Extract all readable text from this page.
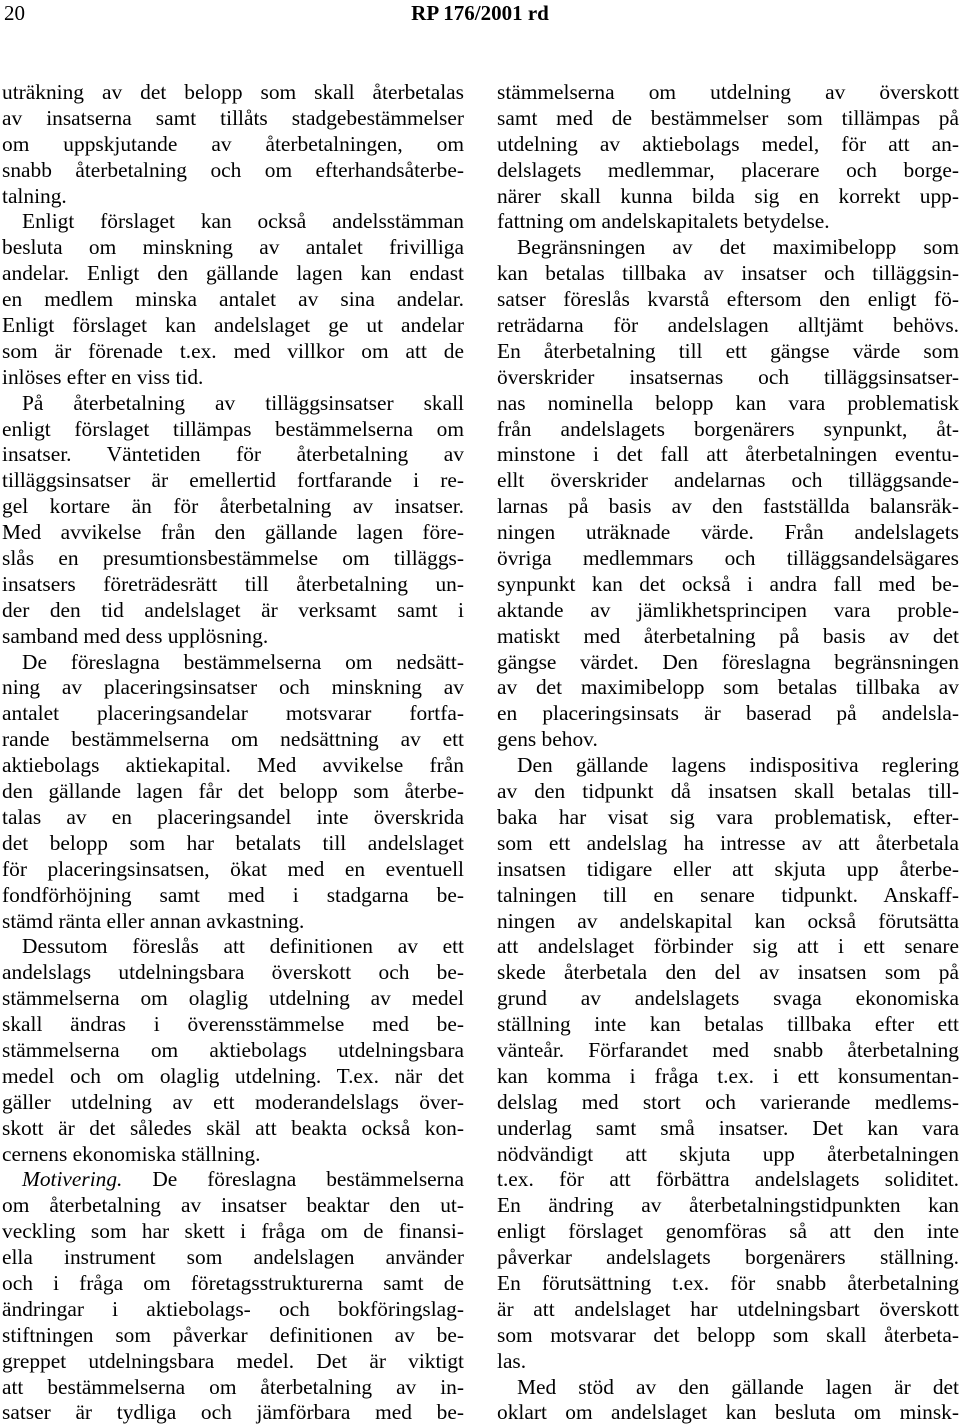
20	RP 176/2001 rd

uträkning av det belopp som skall återbetalas
av insatserna samt tillåts stadgebestämmelser
om uppskjutande av återbetalningen, om
snabb återbetalning och om efterhandsåterbe-
talning.
Enligt förslaget kan också andelsstämman
besluta om minskning av antalet frivilliga
andelar. Enligt den gällande lagen kan endast
en medlem minska antalet av sina andelar.
Enligt förslaget kan andelslaget ge ut andelar
som är förenade t.ex. med villkor om att de
inlöses efter en viss tid.
På återbetalning av tilläggsinsatser skall
enligt förslaget tillämpas bestämmelserna om
insatser. Väntetiden för återbetalning av
tilläggsinsatser är emellertid fortfarande i re-
gel kortare än för återbetalning av insatser.
Med avvikelse från den gällande lagen före-
slås en presumtionsbestämmelse om tilläggs-
insatsers företrädesrätt till återbetalning un-
der den tid andelslaget är verksamt samt i
samband med dess upplösning.
De föreslagna bestämmelserna om nedsätt-
ning av placeringsinsatser och minskning av
antalet placeringsandelar motsvarar fortfa-
rande bestämmelserna om nedsättning av ett
aktiebolags aktiekapital. Med avvikelse från
den gällande lagen får det belopp som återbe-
talas av en placeringsandel inte överskrida
det belopp som har betalats till andelslaget
för placeringsinsatsen, ökat med en eventuell
fondförhöjning samt med i stadgarna be-
stämd ränta eller annan avkastning.
Dessutom föreslås att definitionen av ett
andelslags utdelningsbara överskott och be-
stämmelserna om olaglig utdelning av medel
skall ändras i överensstämmelse med be-
stämmelserna om aktiebolags utdelningsbara
medel och om olaglig utdelning. T.ex. när det
gäller utdelning av ett moderandelslags över-
skott är det således skäl att beakta också kon-
cernens ekonomiska ställning.
Motivering. De föreslagna bestämmelserna
om återbetalning av insatser beaktar den ut-
veckling som har skett i fråga om de finansi-
ella instrument som andelslagen använder
och i fråga om företagsstrukturerna samt de
ändringar i aktiebolags- och bokföringslag-
stiftningen som påverkar definitionen av be-
greppet utdelningsbara medel. Det är viktigt
att bestämmelserna om återbetalning av in-
satser är tydliga och jämförbara med be-

stämmelserna om utdelning av överskott
samt med de bestämmelser som tillämpas på
utdelning av aktiebolags medel, för att an-
delslagets medlemmar, placerare och borge-
närer skall kunna bilda sig en korrekt upp-
fattning om andelskapitalets betydelse.
Begränsningen av det maximibelopp som
kan betalas tillbaka av insatser och tilläggsin-
satser föreslås kvarstå eftersom den enligt fö-
reträdarna för andelslagen alltjämt behövs.
En återbetalning till ett gängse värde som
överskrider insatsernas och tilläggsinsatser-
nas nominella belopp kan vara problematisk
från andelslagets borgenärers synpunkt, åt-
minstone i det fall att återbetalningen eventu-
ellt överskrider andelarnas och tilläggsande-
larnas på basis av den fastställda balansräk-
ningen uträknade värde. Från andelslagets
övriga medlemmars och tilläggsandelsägares
synpunkt kan det också i andra fall med be-
aktande av jämlikhetsprincipen vara proble-
matiskt med återbetalning på basis av det
gängse värdet. Den föreslagna begränsningen
av det maximibelopp som betalas tillbaka av
en placeringsinsats är baserad på andelsla-
gens behov.
Den gällande lagens indispositiva reglering
av den tidpunkt då insatsen skall betalas till-
baka har visat sig vara problematisk, efter-
som ett andelslag ha intresse av att återbetala
insatsen tidigare eller att skjuta upp återbe-
talningen till en senare tidpunkt. Anskaff-
ningen av andelskapital kan också förutsätta
att andelslaget förbinder sig att i ett senare
skede återbetala den del av insatsen som på
grund av andelslagets svaga ekonomiska
ställning inte kan betalas tillbaka efter ett
vänteår. Förfarandet med snabb återbetalning
kan komma i fråga t.ex. i ett konsumentan-
delslag med stort och varierande medlems-
underlag samt små insatser. Det kan vara
nödvändigt att skjuta upp återbetalningen
t.ex. för att förbättra andelslagets soliditet.
En ändring av återbetalningstidpunkten kan
enligt förslaget genomföras så att den inte
påverkar andelslagets borgenärers ställning.
En förutsättning t.ex. för snabb återbetalning
är att andelslaget har utdelningsbart överskott
som motsvarar det belopp som skall återbeta-
las.
Med stöd av den gällande lagen är det
oklart om andelslaget kan besluta om minsk-
